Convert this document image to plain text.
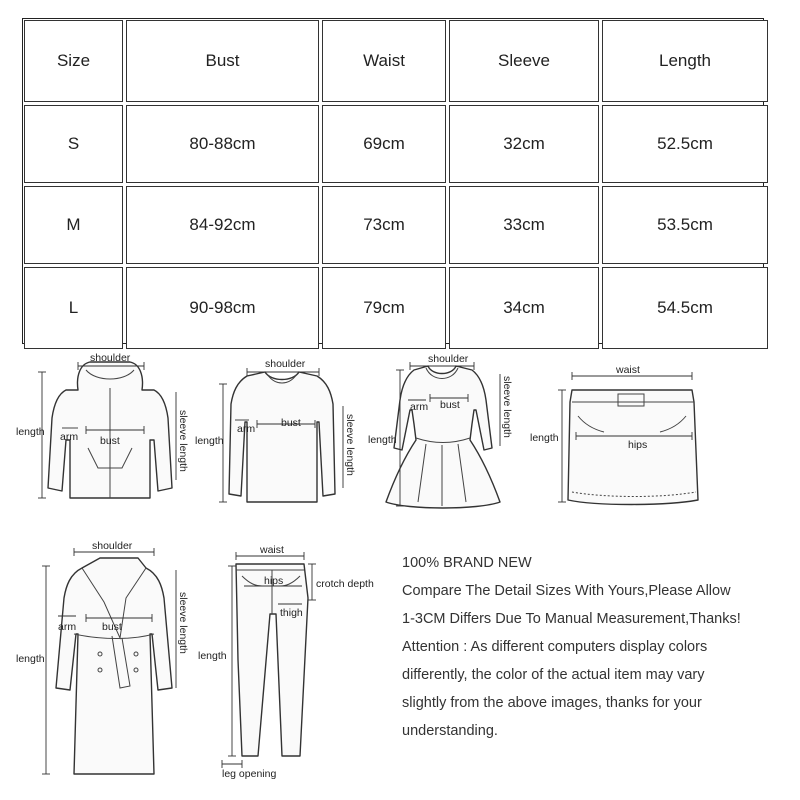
Size	Bust	Waist	Sleeve	Length
S	80-88cm	69cm	32cm	52.5cm
M	84-92cm	73cm	33cm	53.5cm
L	90-98cm	79cm	34cm	54.5cm
shoulder
length arm bust	sleeve length
shoulder
length
arm bust	sleeve length
shoulder
length
arm bust	sleeve length
waist
length
hips
shoulder
length
arm bust	sleeve length
waist
hips	crotch depth
thigh
length
leg opening

100% BRAND NEW

Compare The Detail Sizes With Yours,Please Allow

1-3CM Differs Due To Manual Measurement,Thanks!

Attention : As different computers display colors

differently, the color of the actual item may vary

slightly from the above images, thanks for your

understanding.
